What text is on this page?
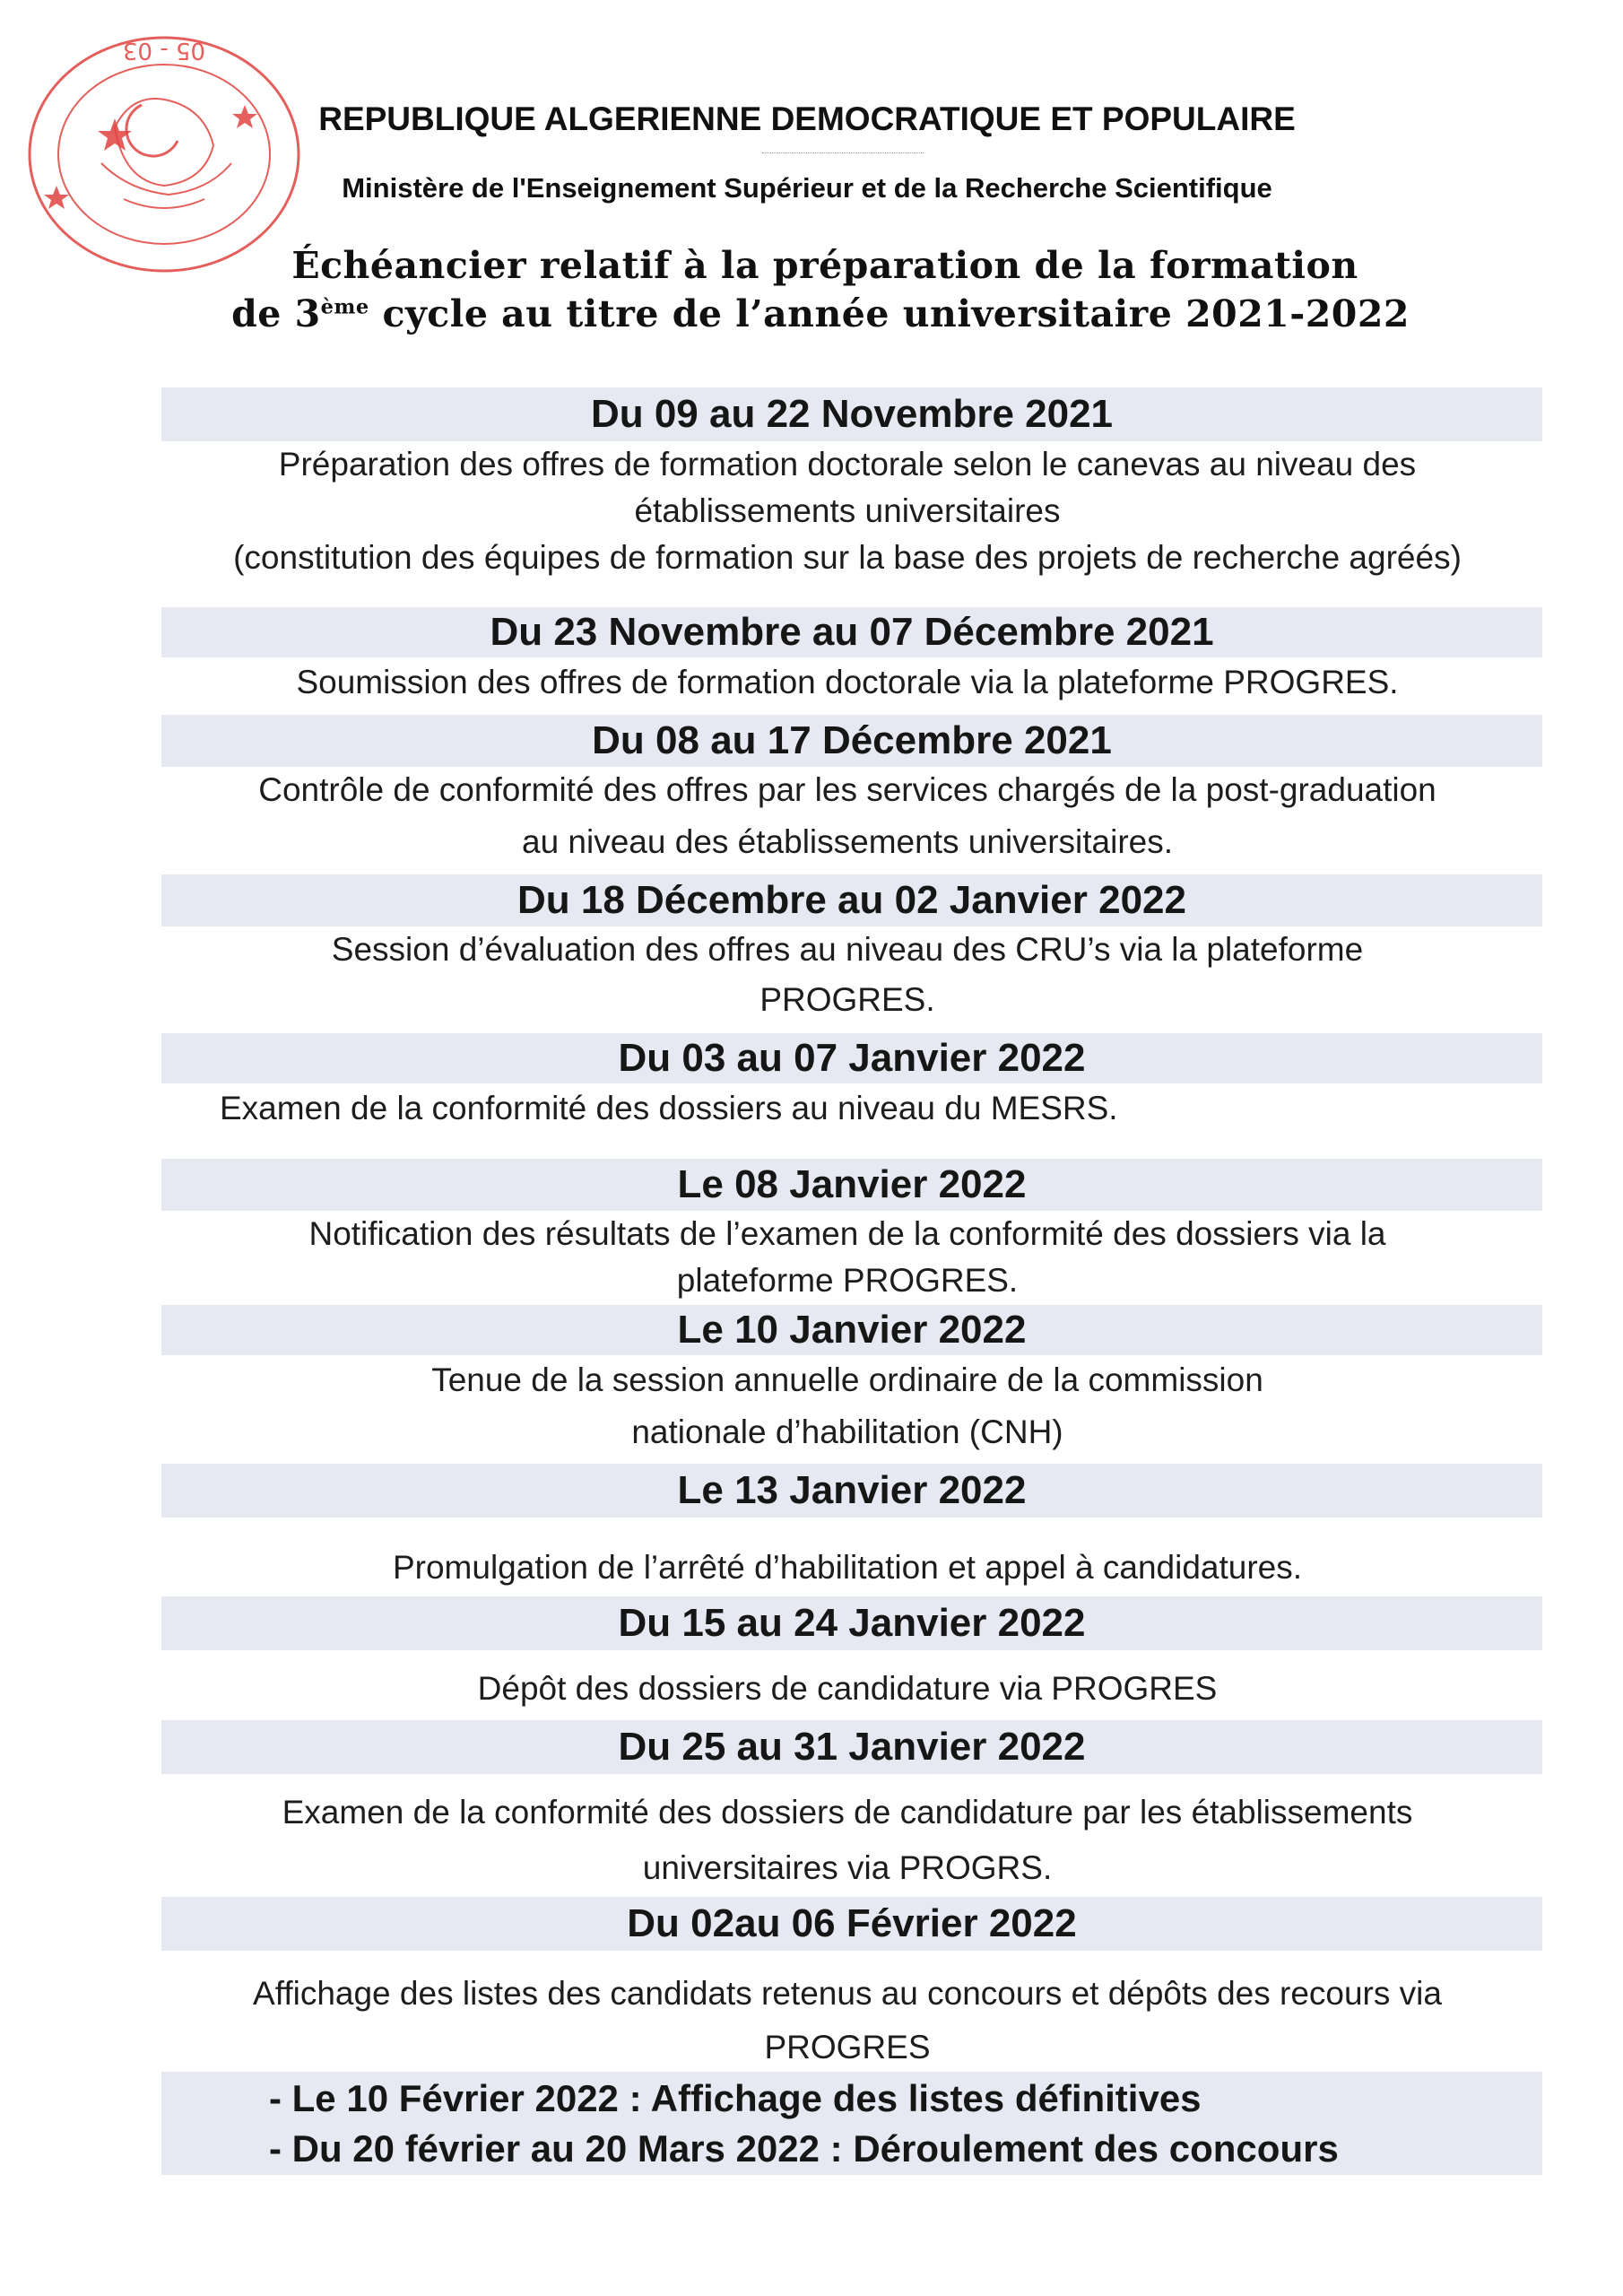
05 - 03
REPUBLIQUE ALGERIENNE DEMOCRATIQUE ET POPULAIRE
Ministère de l'Enseignement Supérieur et de la Recherche Scientifique
Échéancier relatif à la préparation de la formation
de 3ème cycle au titre de l’année universitaire 2021-2022
Du 09 au 22 Novembre 2021
Préparation des offres de formation doctorale selon le canevas au niveau des
établissements universitaires
(constitution des équipes de formation sur la base des projets de recherche agréés)
Du 23 Novembre au 07 Décembre 2021
Soumission des offres de formation doctorale via la plateforme PROGRES.
Du 08 au 17 Décembre 2021
Contrôle de conformité des offres par les services chargés de la post-graduation
au niveau des établissements universitaires.
Du 18 Décembre au 02 Janvier 2022
Session d’évaluation des offres au niveau des CRU’s via la plateforme
PROGRES.
Du 03 au 07 Janvier 2022
Examen de la conformité des dossiers au niveau du MESRS.
Le 08 Janvier 2022
Notification des résultats de l’examen de la conformité des dossiers via la
plateforme PROGRES.
Le 10 Janvier 2022
Tenue de la session annuelle ordinaire de la commission
nationale d’habilitation (CNH)
Le 13 Janvier 2022
Promulgation de l’arrêté d’habilitation et appel à candidatures.
Du 15 au 24 Janvier 2022
Dépôt des dossiers de candidature via PROGRES
Du 25 au 31 Janvier 2022
Examen de la conformité des dossiers de candidature par les établissements
universitaires via PROGRS.
Du 02au 06 Février 2022
Affichage des listes des candidats retenus au concours et dépôts des recours via
PROGRES
- Le 10 Février 2022 : Affichage des listes définitives
- Du 20 février au 20 Mars 2022 : Déroulement des concours
